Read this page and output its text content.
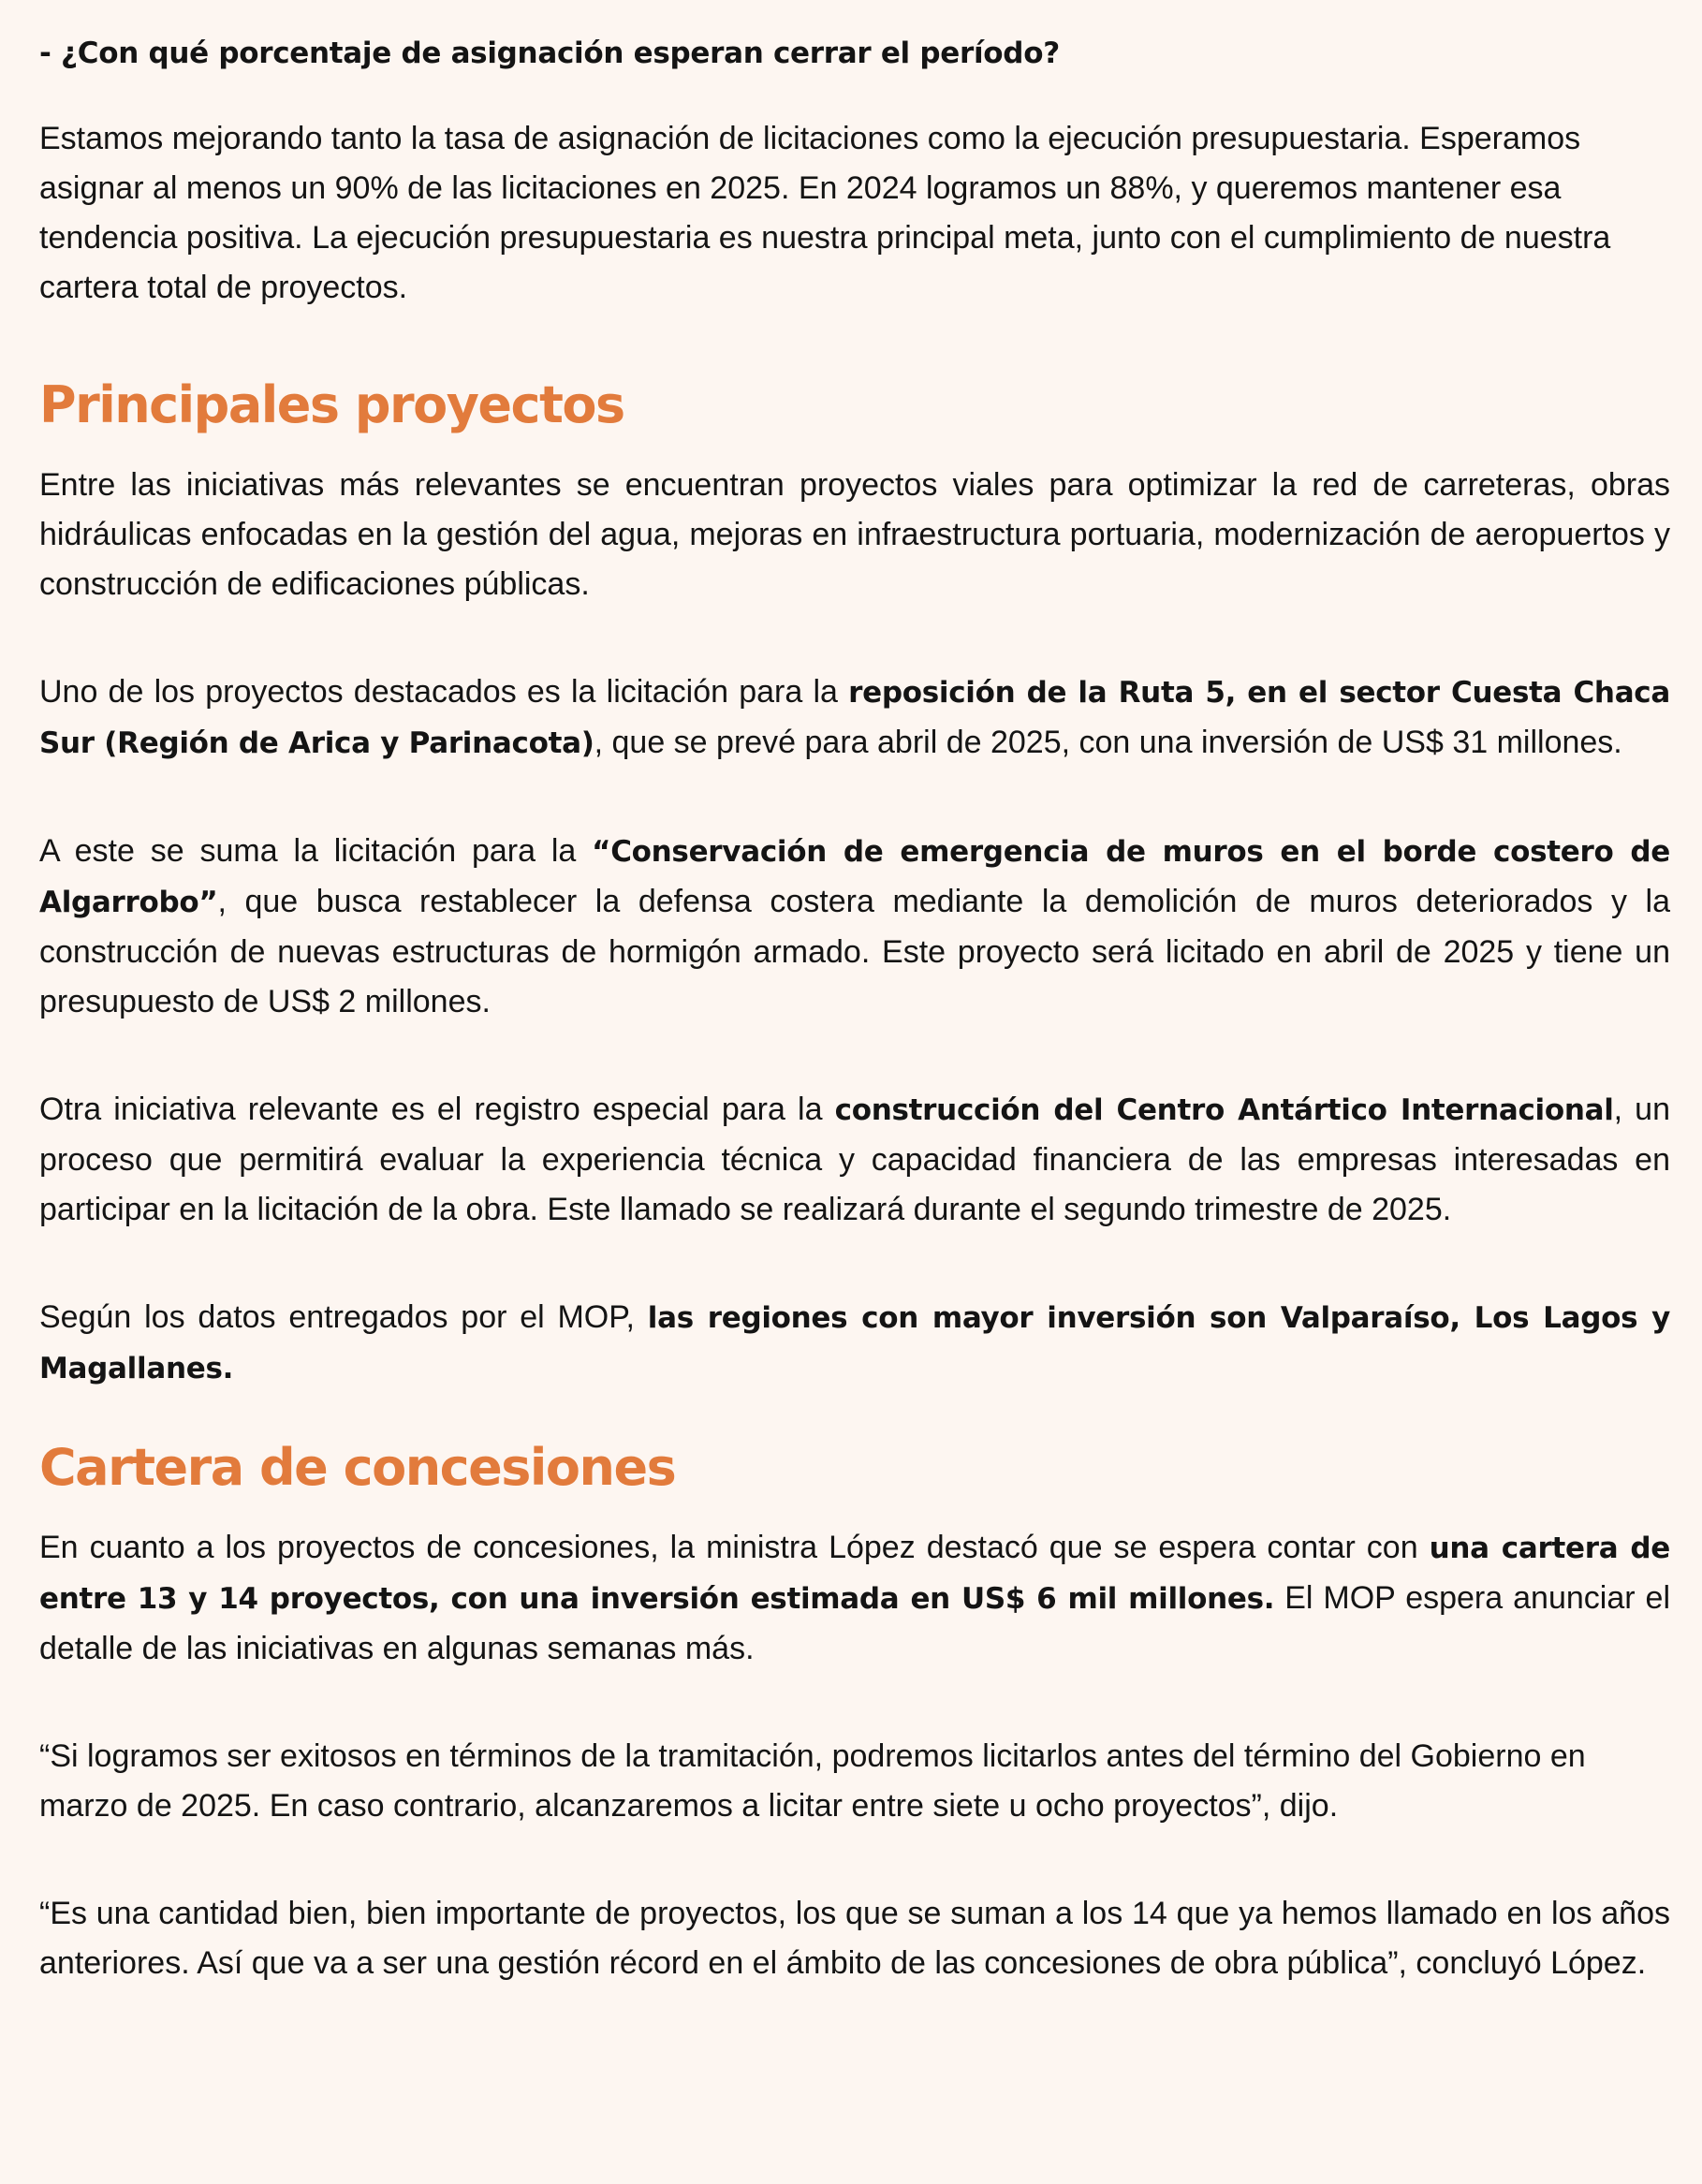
- ¿Con qué porcentaje de asignación esperan cerrar el período?

Estamos mejorando tanto la tasa de asignación de licitaciones como la ejecución presupuestaria. Esperamos asignar al menos un 90% de las licitaciones en 2025. En 2024 logramos un 88%, y queremos mantener esa tendencia positiva. La ejecución presupuestaria es nuestra principal meta, junto con el cumplimiento de nuestra cartera total de proyectos.

Principales proyectos

Entre las iniciativas más relevantes se encuentran proyectos viales para optimizar la red de carreteras, obras hidráulicas enfocadas en la gestión del agua, mejoras en infraestructura portuaria, modernización de aeropuertos y construcción de edificaciones públicas.

Uno de los proyectos destacados es la licitación para la reposición de la Ruta 5, en el sector Cuesta Chaca Sur (Región de Arica y Parinacota), que se prevé para abril de 2025, con una inversión de US$ 31 millones.

A este se suma la licitación para la “Conservación de emergencia de muros en el borde costero de Algarrobo”, que busca restablecer la defensa costera mediante la demolición de muros deteriorados y la construcción de nuevas estructuras de hormigón armado. Este proyecto será licitado en abril de 2025 y tiene un presupuesto de US$ 2 millones.

Otra iniciativa relevante es el registro especial para la construcción del Centro Antártico Internacional, un proceso que permitirá evaluar la experiencia técnica y capacidad financiera de las empresas interesadas en participar en la licitación de la obra. Este llamado se realizará durante el segundo trimestre de 2025.

Según los datos entregados por el MOP, las regiones con mayor inversión son Valparaíso, Los Lagos y Magallanes.

Cartera de concesiones

En cuanto a los proyectos de concesiones, la ministra López destacó que se espera contar con una cartera de entre 13 y 14 proyectos, con una inversión estimada en US$ 6 mil millones. El MOP espera anunciar el detalle de las iniciativas en algunas semanas más.

“Si logramos ser exitosos en términos de la tramitación, podremos licitarlos antes del término del Gobierno en marzo de 2025. En caso contrario, alcanzaremos a licitar entre siete u ocho proyectos”, dijo.

“Es una cantidad bien, bien importante de proyectos, los que se suman a los 14 que ya hemos llamado en los años anteriores. Así que va a ser una gestión récord en el ámbito de las concesiones de obra pública”, concluyó López.
